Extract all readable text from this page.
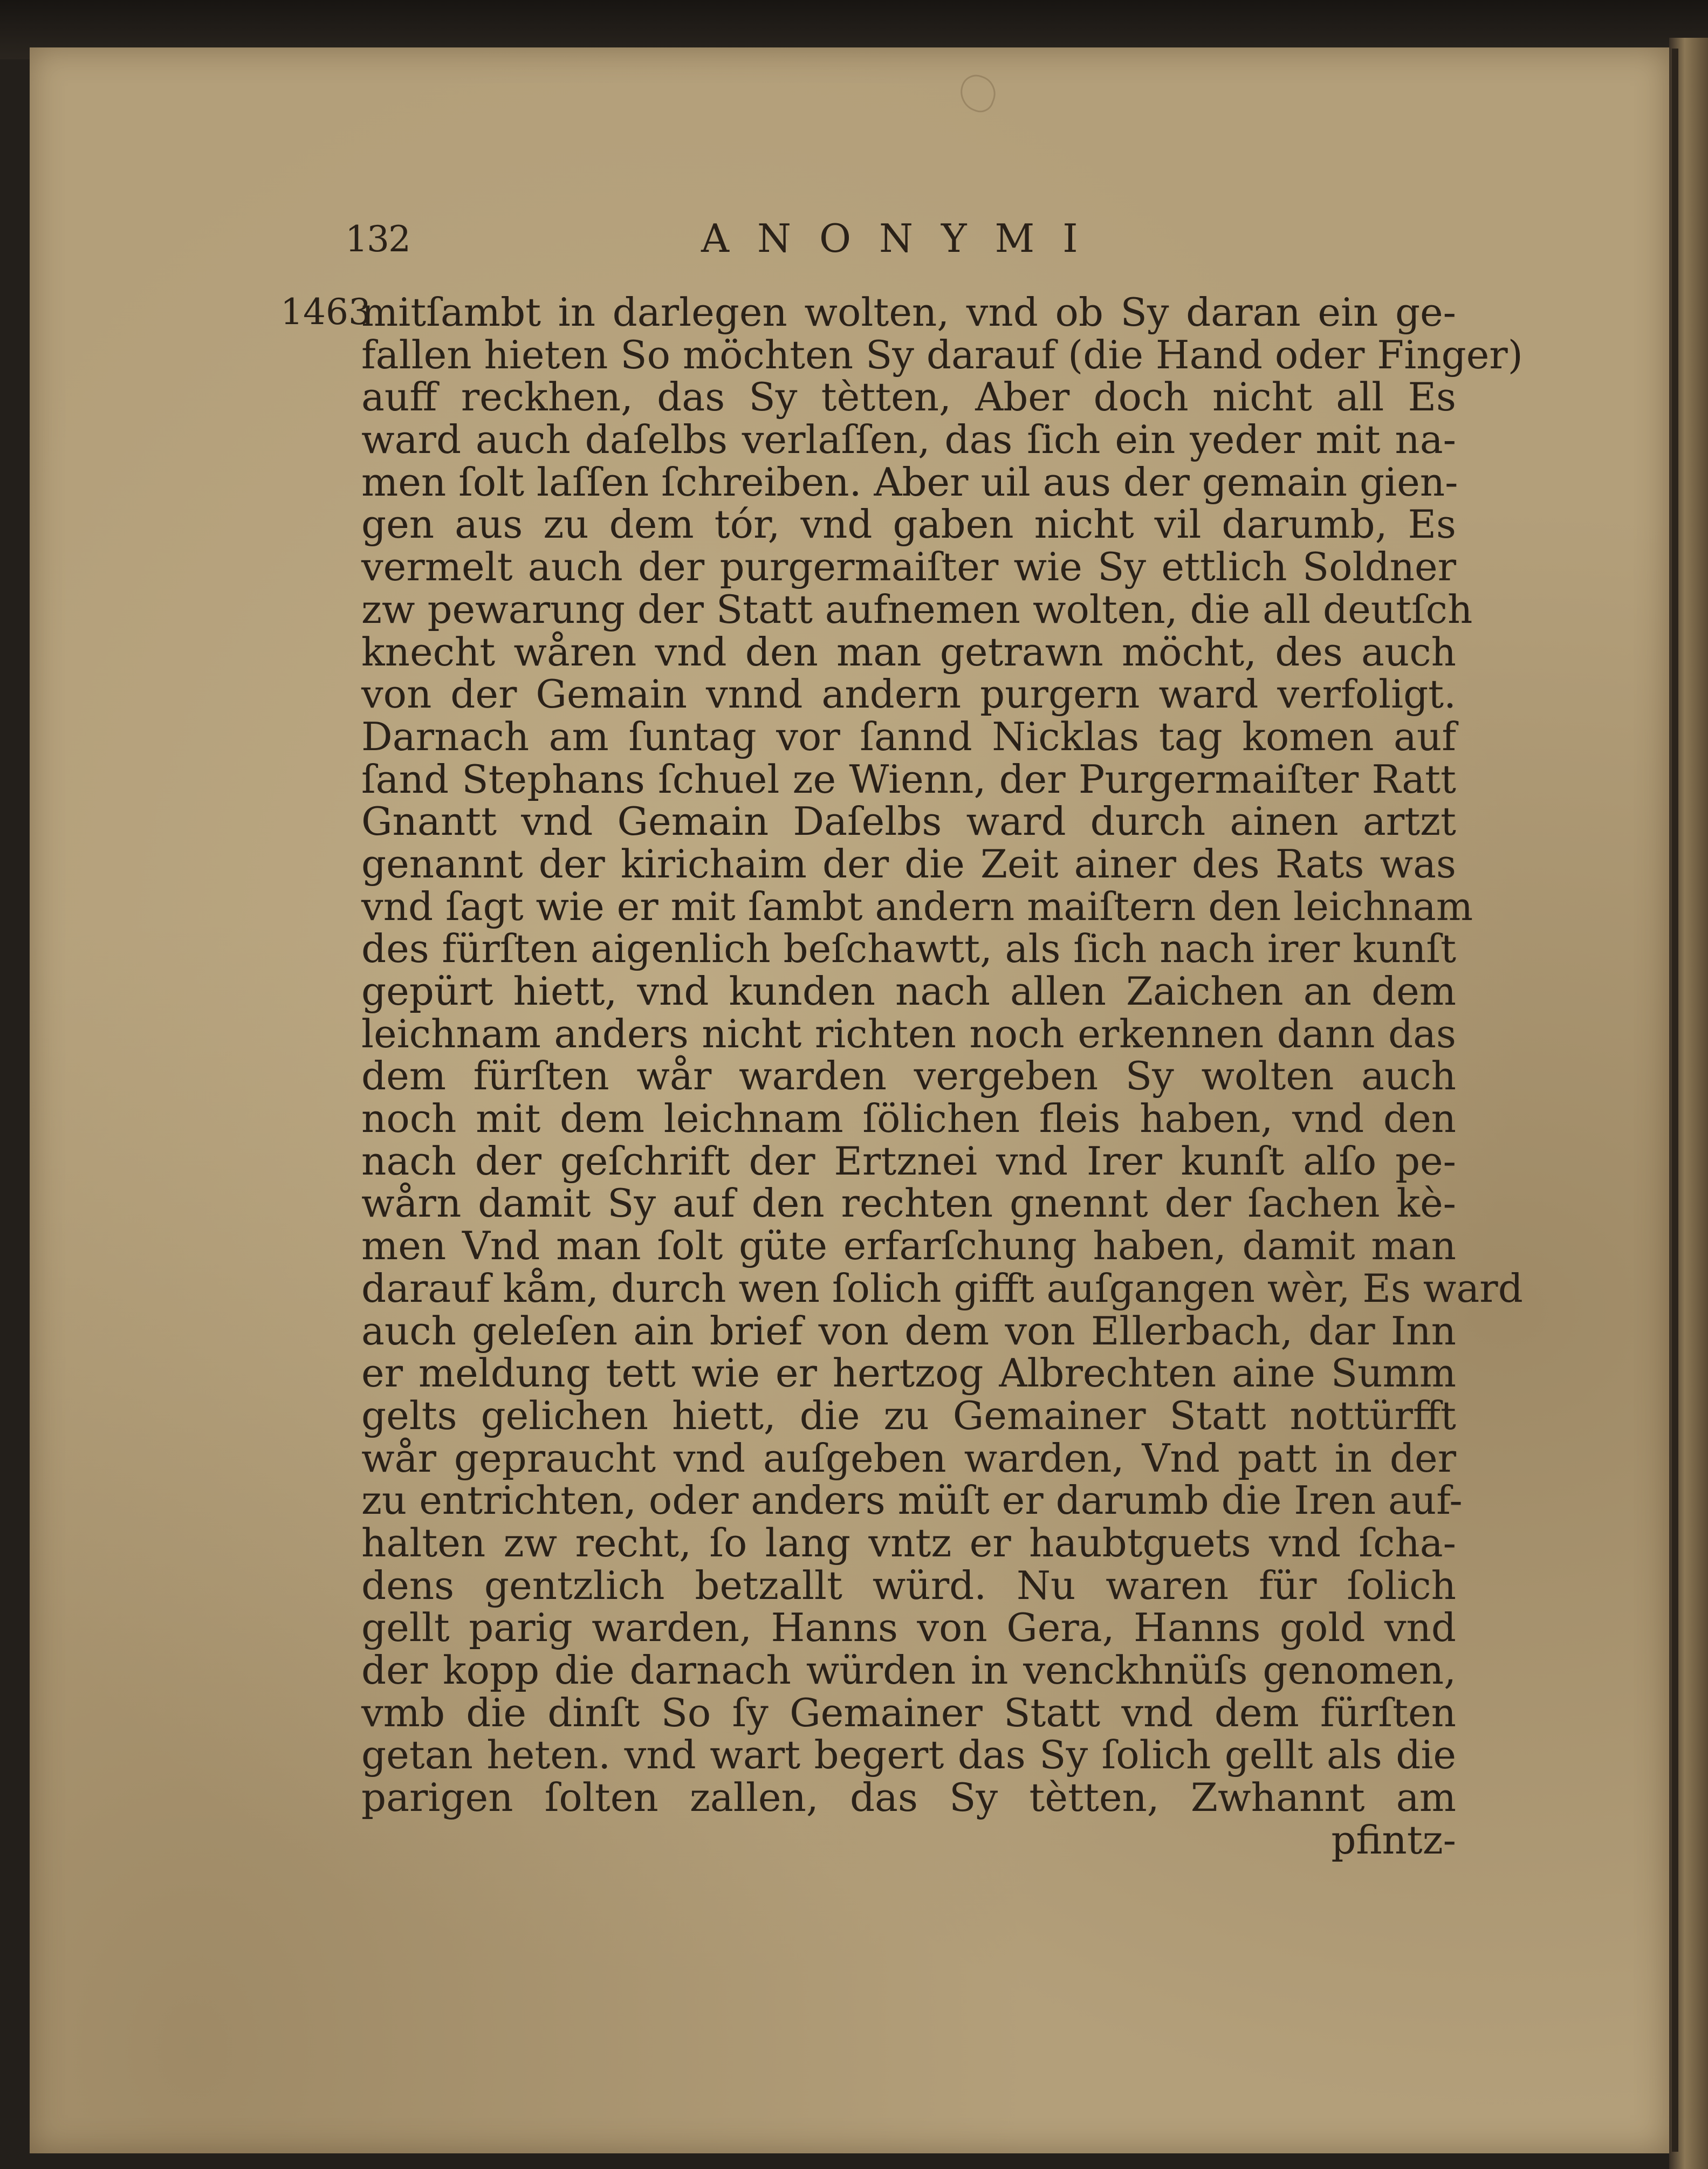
132	ANONYMI
1463
mitſambt in darlegen wolten, vnd ob Sy daran ein ge-
fallen hieten So möchten Sy darauf (die Hand oder Finger)
auff reckhen, das Sy tètten, Aber doch nicht all Es
ward auch daſelbs verlaſſen, das ſich ein yeder mit na-
men ſolt laſſen ſchreiben. Aber uil aus der gemain gien-
gen aus zu dem tór, vnd gaben nicht vil darumb, Es
vermelt auch der purgermaiſter wie Sy ettlich Soldner
zw pewarung der Statt aufnemen wolten, die all deutſch
knecht wåren vnd den man getrawn möcht, des auch
von der Gemain vnnd andern purgern ward verfoligt.
Darnach am ſuntag vor ſannd Nicklas tag komen auf
ſand Stephans ſchuel ze Wienn, der Purgermaiſter Ratt
Gnantt vnd Gemain Daſelbs ward durch ainen artzt
genannt der kirichaim der die Zeit ainer des Rats was
vnd ſagt wie er mit ſambt andern maiſtern den leichnam
des fürſten aigenlich beſchawtt, als ſich nach irer kunſt
gepürt hiett, vnd kunden nach allen Zaichen an dem
leichnam anders nicht richten noch erkennen dann das
dem fürſten wår warden vergeben Sy wolten auch
noch mit dem leichnam ſölichen fleis haben, vnd den
nach der geſchrift der Ertznei vnd Irer kunſt alſo pe-
wårn damit Sy auf den rechten gnennt der ſachen kè-
men Vnd man ſolt güte erfarſchung haben, damit man
darauf kåm, durch wen ſolich gifft auſgangen wèr, Es ward
auch geleſen ain brief von dem von Ellerbach, dar Inn
er meldung tett wie er hertzog Albrechten aine Summ
gelts gelichen hiett, die zu Gemainer Statt nottürfft
wår gepraucht vnd auſgeben warden, Vnd patt in der
zu entrichten, oder anders müſt er darumb die Iren auf-
halten zw recht, ſo lang vntz er haubtguets vnd ſcha-
dens gentzlich betzallt würd. Nu waren für ſolich
gellt parig warden, Hanns von Gera, Hanns gold vnd
der kopp die darnach würden in venckhnüſs genomen,
vmb die dinſt So ſy Gemainer Statt vnd dem fürſten
getan heten. vnd wart begert das Sy ſolich gellt als die
parigen ſolten zallen, das Sy tètten, Zwhannt am
pfintz-
